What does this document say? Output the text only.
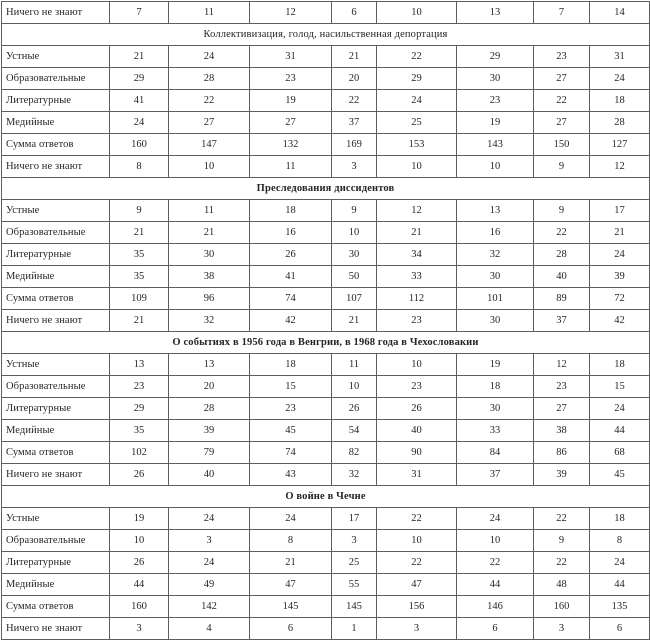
Ничего не знают	7	11	12	6	10	13	7	14
Коллективизация, голод, насильственная депортация								
Устные	21	24	31	21	22	29	23	31
Образовательные	29	28	23	20	29	30	27	24
Литературные	41	22	19	22	24	23	22	18
Медийные	24	27	27	37	25	19	27	28
Сумма ответов	160	147	132	169	153	143	150	127
Ничего не знают	8	10	11	3	10	10	9	12
Преследования диссидентов								
Устные	9	11	18	9	12	13	9	17
Образовательные	21	21	16	10	21	16	22	21
Литературные	35	30	26	30	34	32	28	24
Медийные	35	38	41	50	33	30	40	39
Сумма ответов	109	96	74	107	112	101	89	72
Ничего не знают	21	32	42	21	23	30	37	42
О событиях в 1956 года в Венгрии, в 1968 года в Чехословакии								
Устные	13	13	18	11	10	19	12	18
Образовательные	23	20	15	10	23	18	23	15
Литературные	29	28	23	26	26	30	27	24
Медийные	35	39	45	54	40	33	38	44
Сумма ответов	102	79	74	82	90	84	86	68
Ничего не знают	26	40	43	32	31	37	39	45
О войне в Чечне								
Устные	19	24	24	17	22	24	22	18
Образовательные	10	3	8	3	10	10	9	8
Литературные	26	24	21	25	22	22	22	24
Медийные	44	49	47	55	47	44	48	44
Сумма ответов	160	142	145	145	156	146	160	135
Ничего не знают	3	4	6	1	3	6	3	6
